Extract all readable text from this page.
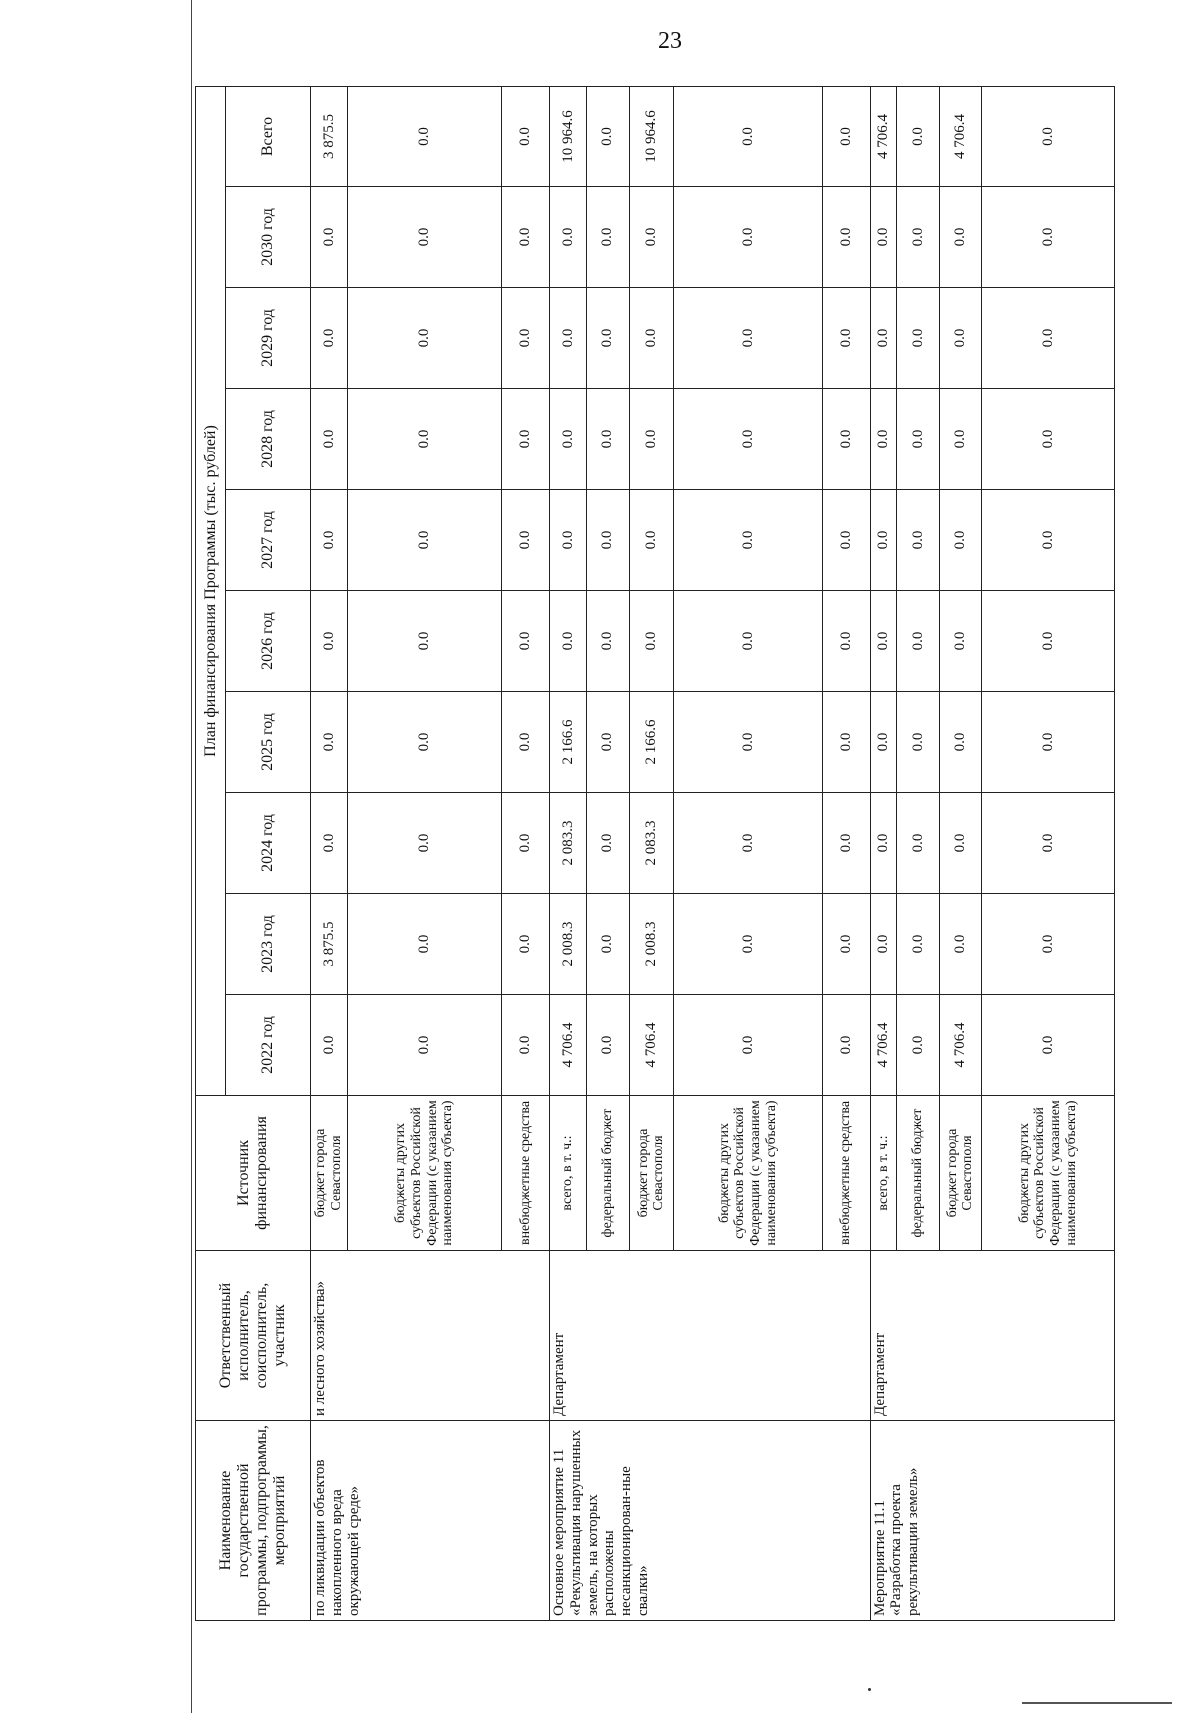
23
Наименование государственной программы, подпрограммы, мероприятий	Ответственный исполнитель, соисполнитель, участник	Источник финансирования	План финансирования Программы (тыс. рублей)									
			2022 год	2023 год	2024 год	2025 год	2026 год	2027 год	2028 год	2029 год	2030 год	Всего
по ликвидации объектов накопленного вреда окружающей среде»	и лесного хозяйства»	бюджет города Севастополя	0.0	3 875.5	0.0	0.0	0.0	0.0	0.0	0.0	0.0	3 875.5
		бюджеты других субъектов Российской Федерации (с указанием наименования субъекта)	0.0	0.0	0.0	0.0	0.0	0.0	0.0	0.0	0.0	0.0
		внебюджетные средства	0.0	0.0	0.0	0.0	0.0	0.0	0.0	0.0	0.0	0.0
Основное мероприятие 11 «Рекультивация нарушенных земель, на которых расположены несанкционирован-ные свалки»	Департамент	всего, в т. ч.:	4 706.4	2 008.3	2 083.3	2 166.6	0.0	0.0	0.0	0.0	0.0	10 964.6
		федеральный бюджет	0.0	0.0	0.0	0.0	0.0	0.0	0.0	0.0	0.0	0.0
		бюджет города Севастополя	4 706.4	2 008.3	2 083.3	2 166.6	0.0	0.0	0.0	0.0	0.0	10 964.6
		бюджеты других субъектов Российской Федерации (с указанием наименования субъекта)	0.0	0.0	0.0	0.0	0.0	0.0	0.0	0.0	0.0	0.0
		внебюджетные средства	0.0	0.0	0.0	0.0	0.0	0.0	0.0	0.0	0.0	0.0
Мероприятие 11.1 «Разработка проекта рекультивации земель»	Департамент	всего, в т. ч.:	4 706.4	0.0	0.0	0.0	0.0	0.0	0.0	0.0	0.0	4 706.4
		федеральный бюджет	0.0	0.0	0.0	0.0	0.0	0.0	0.0	0.0	0.0	0.0
		бюджет города Севастополя	4 706.4	0.0	0.0	0.0	0.0	0.0	0.0	0.0	0.0	4 706.4
		бюджеты других субъектов Российской Федерации (с указанием наименования субъекта)	0.0	0.0	0.0	0.0	0.0	0.0	0.0	0.0	0.0	0.0
